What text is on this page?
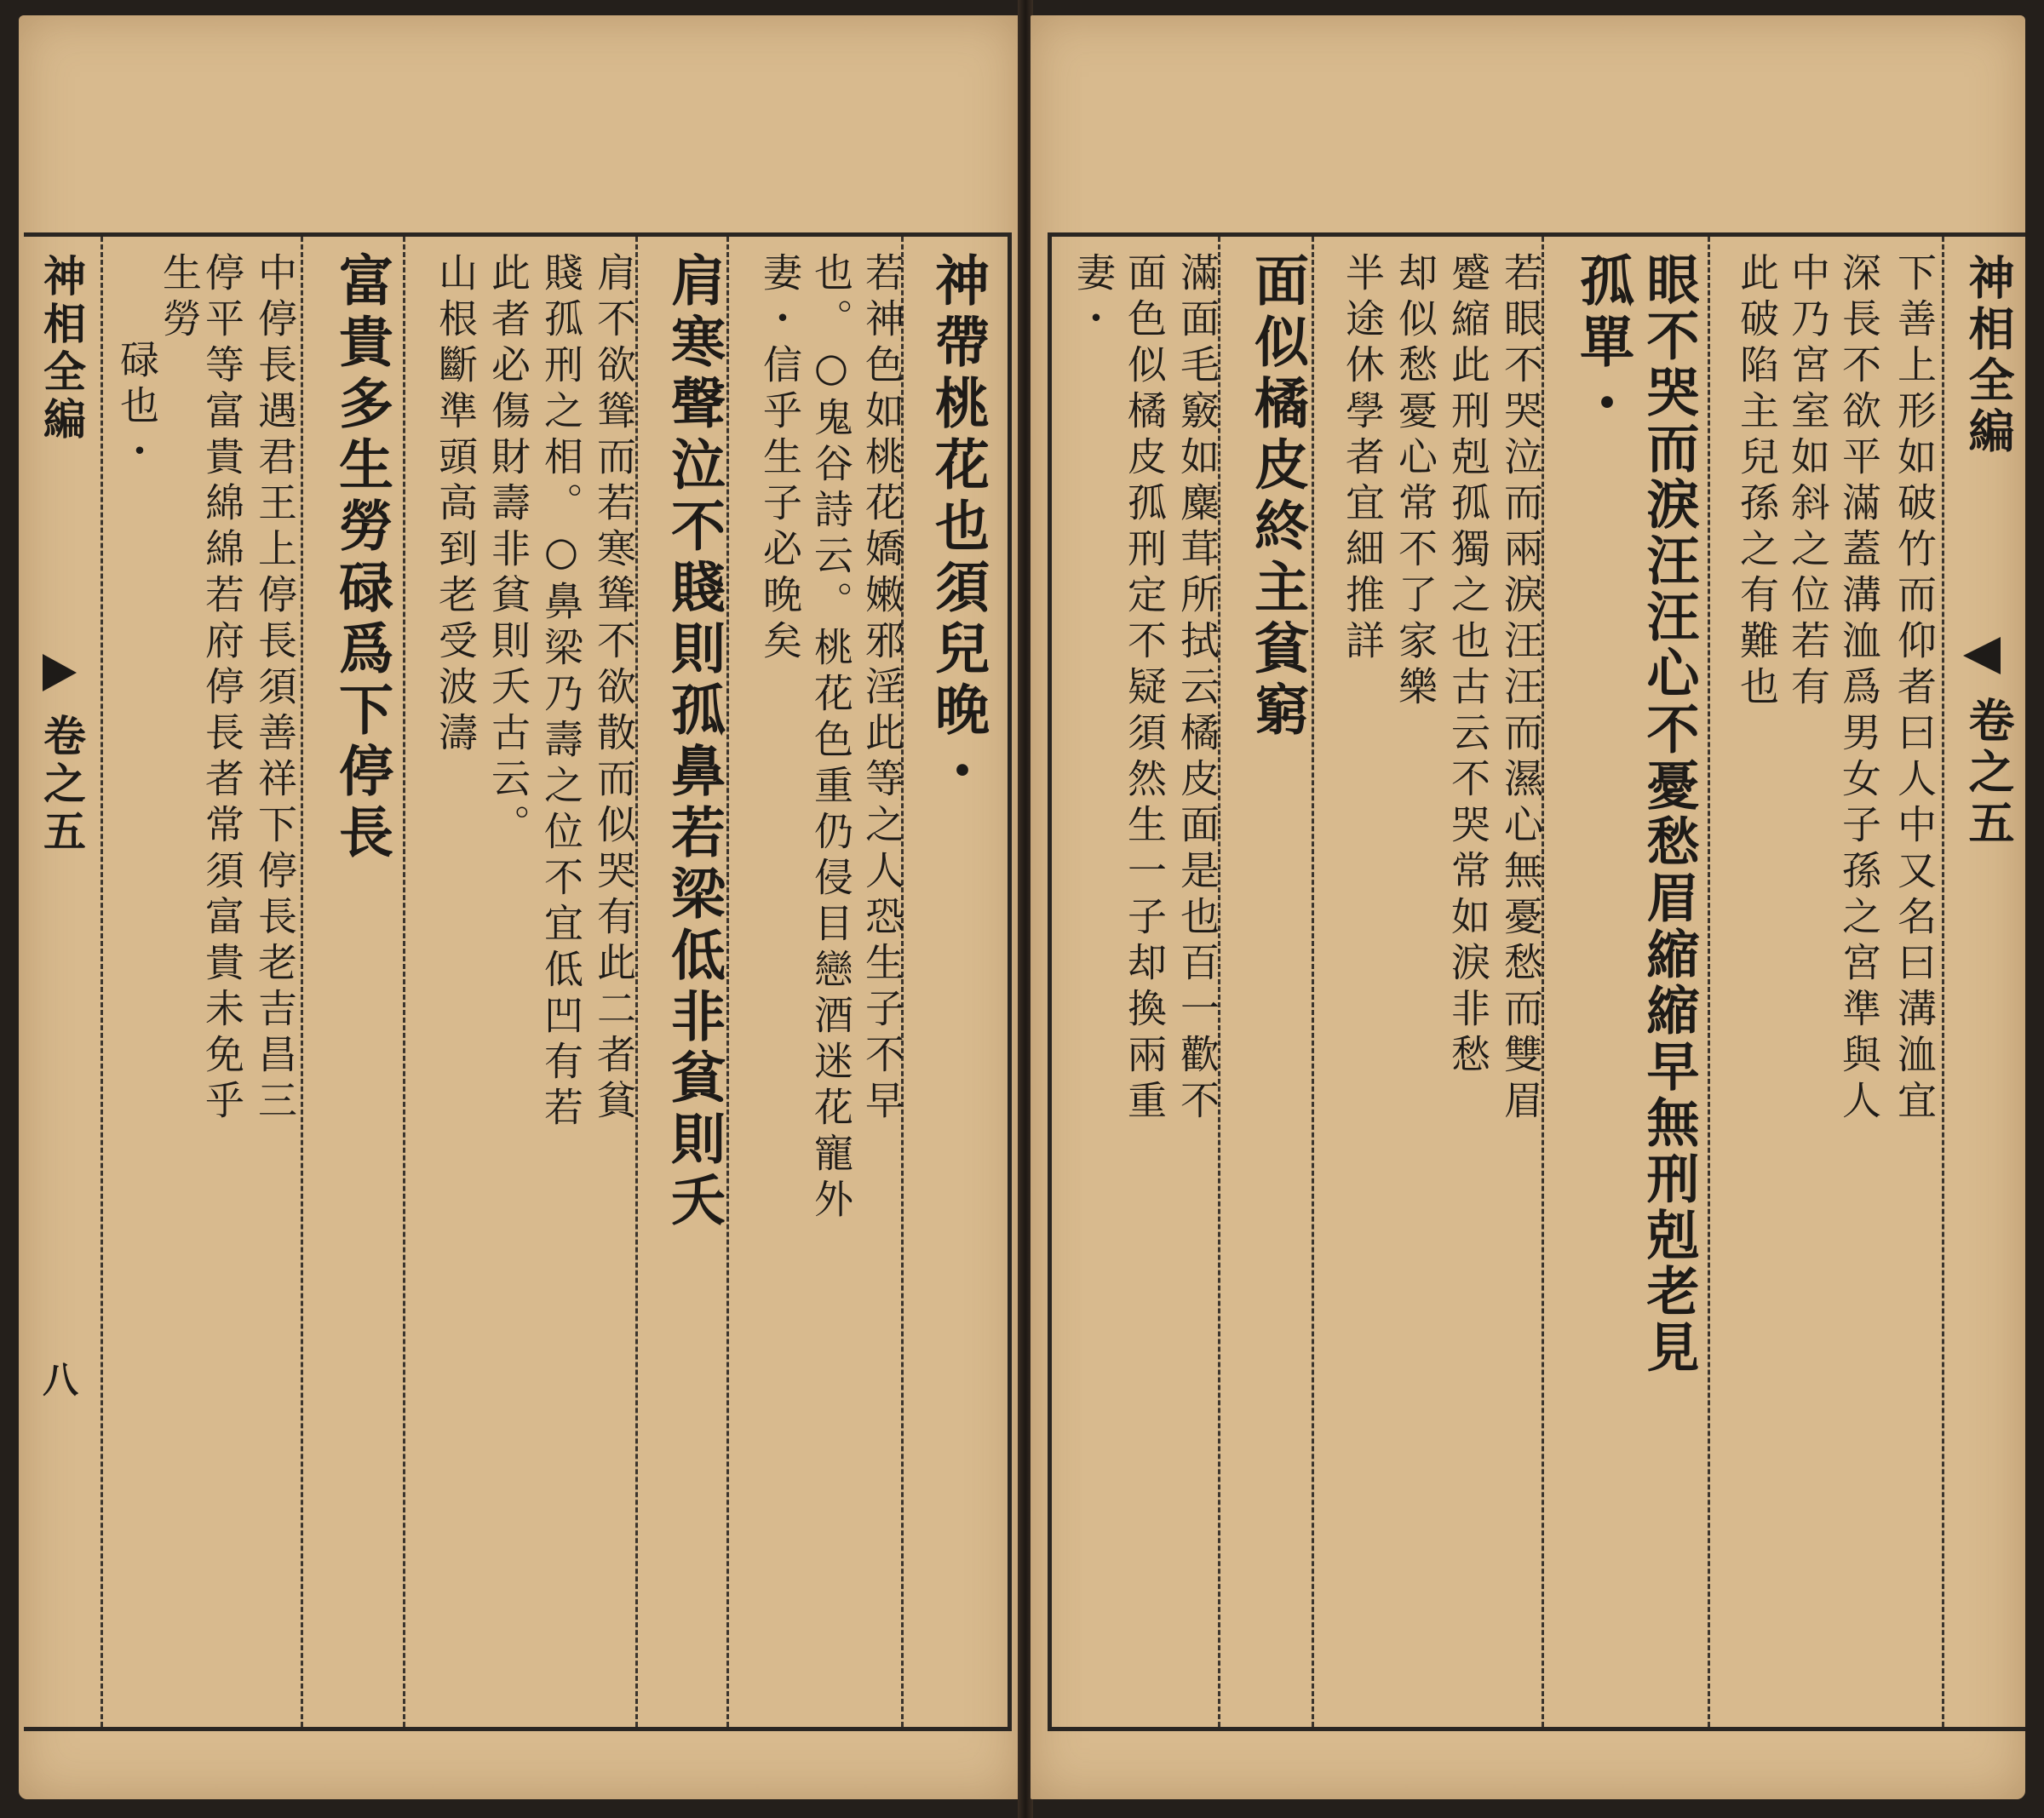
神相全編
卷之五
八
神帶桃花也須兒晚・
若神色如桃花嬌嫩邪淫此等之人恐生子不早
也。○鬼谷詩云。桃花色重仍侵目戀酒迷花寵外
妻・信乎生子必晚矣
肩寒聲泣不賤則孤鼻若梁低非貧則夭
肩不欲聳而若寒聳不欲散而似哭有此二者貧
賤孤刑之相。○鼻梁乃壽之位不宜低凹有若
此者必傷財壽非貧則夭古云。
山根斷準頭高到老受波濤
富貴多生勞碌爲下停長
中停長遇君王上停長須善祥下停長老吉昌三
停平等富貴綿綿若府停長者常須富貴未免乎
生勞
碌也・	神相全編
卷之五
下善上形如破竹而仰者曰人中又名曰溝洫宜
深長不欲平滿蓋溝洫爲男女子孫之宮準與人
中乃宮室如斜之位若有
此破陷主兒孫之有難也
眼不哭而淚汪汪心不憂愁眉縮縮早無刑剋老見
孤單・
若眼不哭泣而兩淚汪汪而濕心無憂愁而雙眉
蹙縮此刑剋孤獨之也古云不哭常如淚非愁
却似愁憂心常不了家樂
半途休學者宜細推詳
面似橘皮終主貧窮
滿面毛竅如麋茸所拭云橘皮面是也百一歡不
面色似橘皮孤刑定不疑須然生一子却換兩重
妻・
